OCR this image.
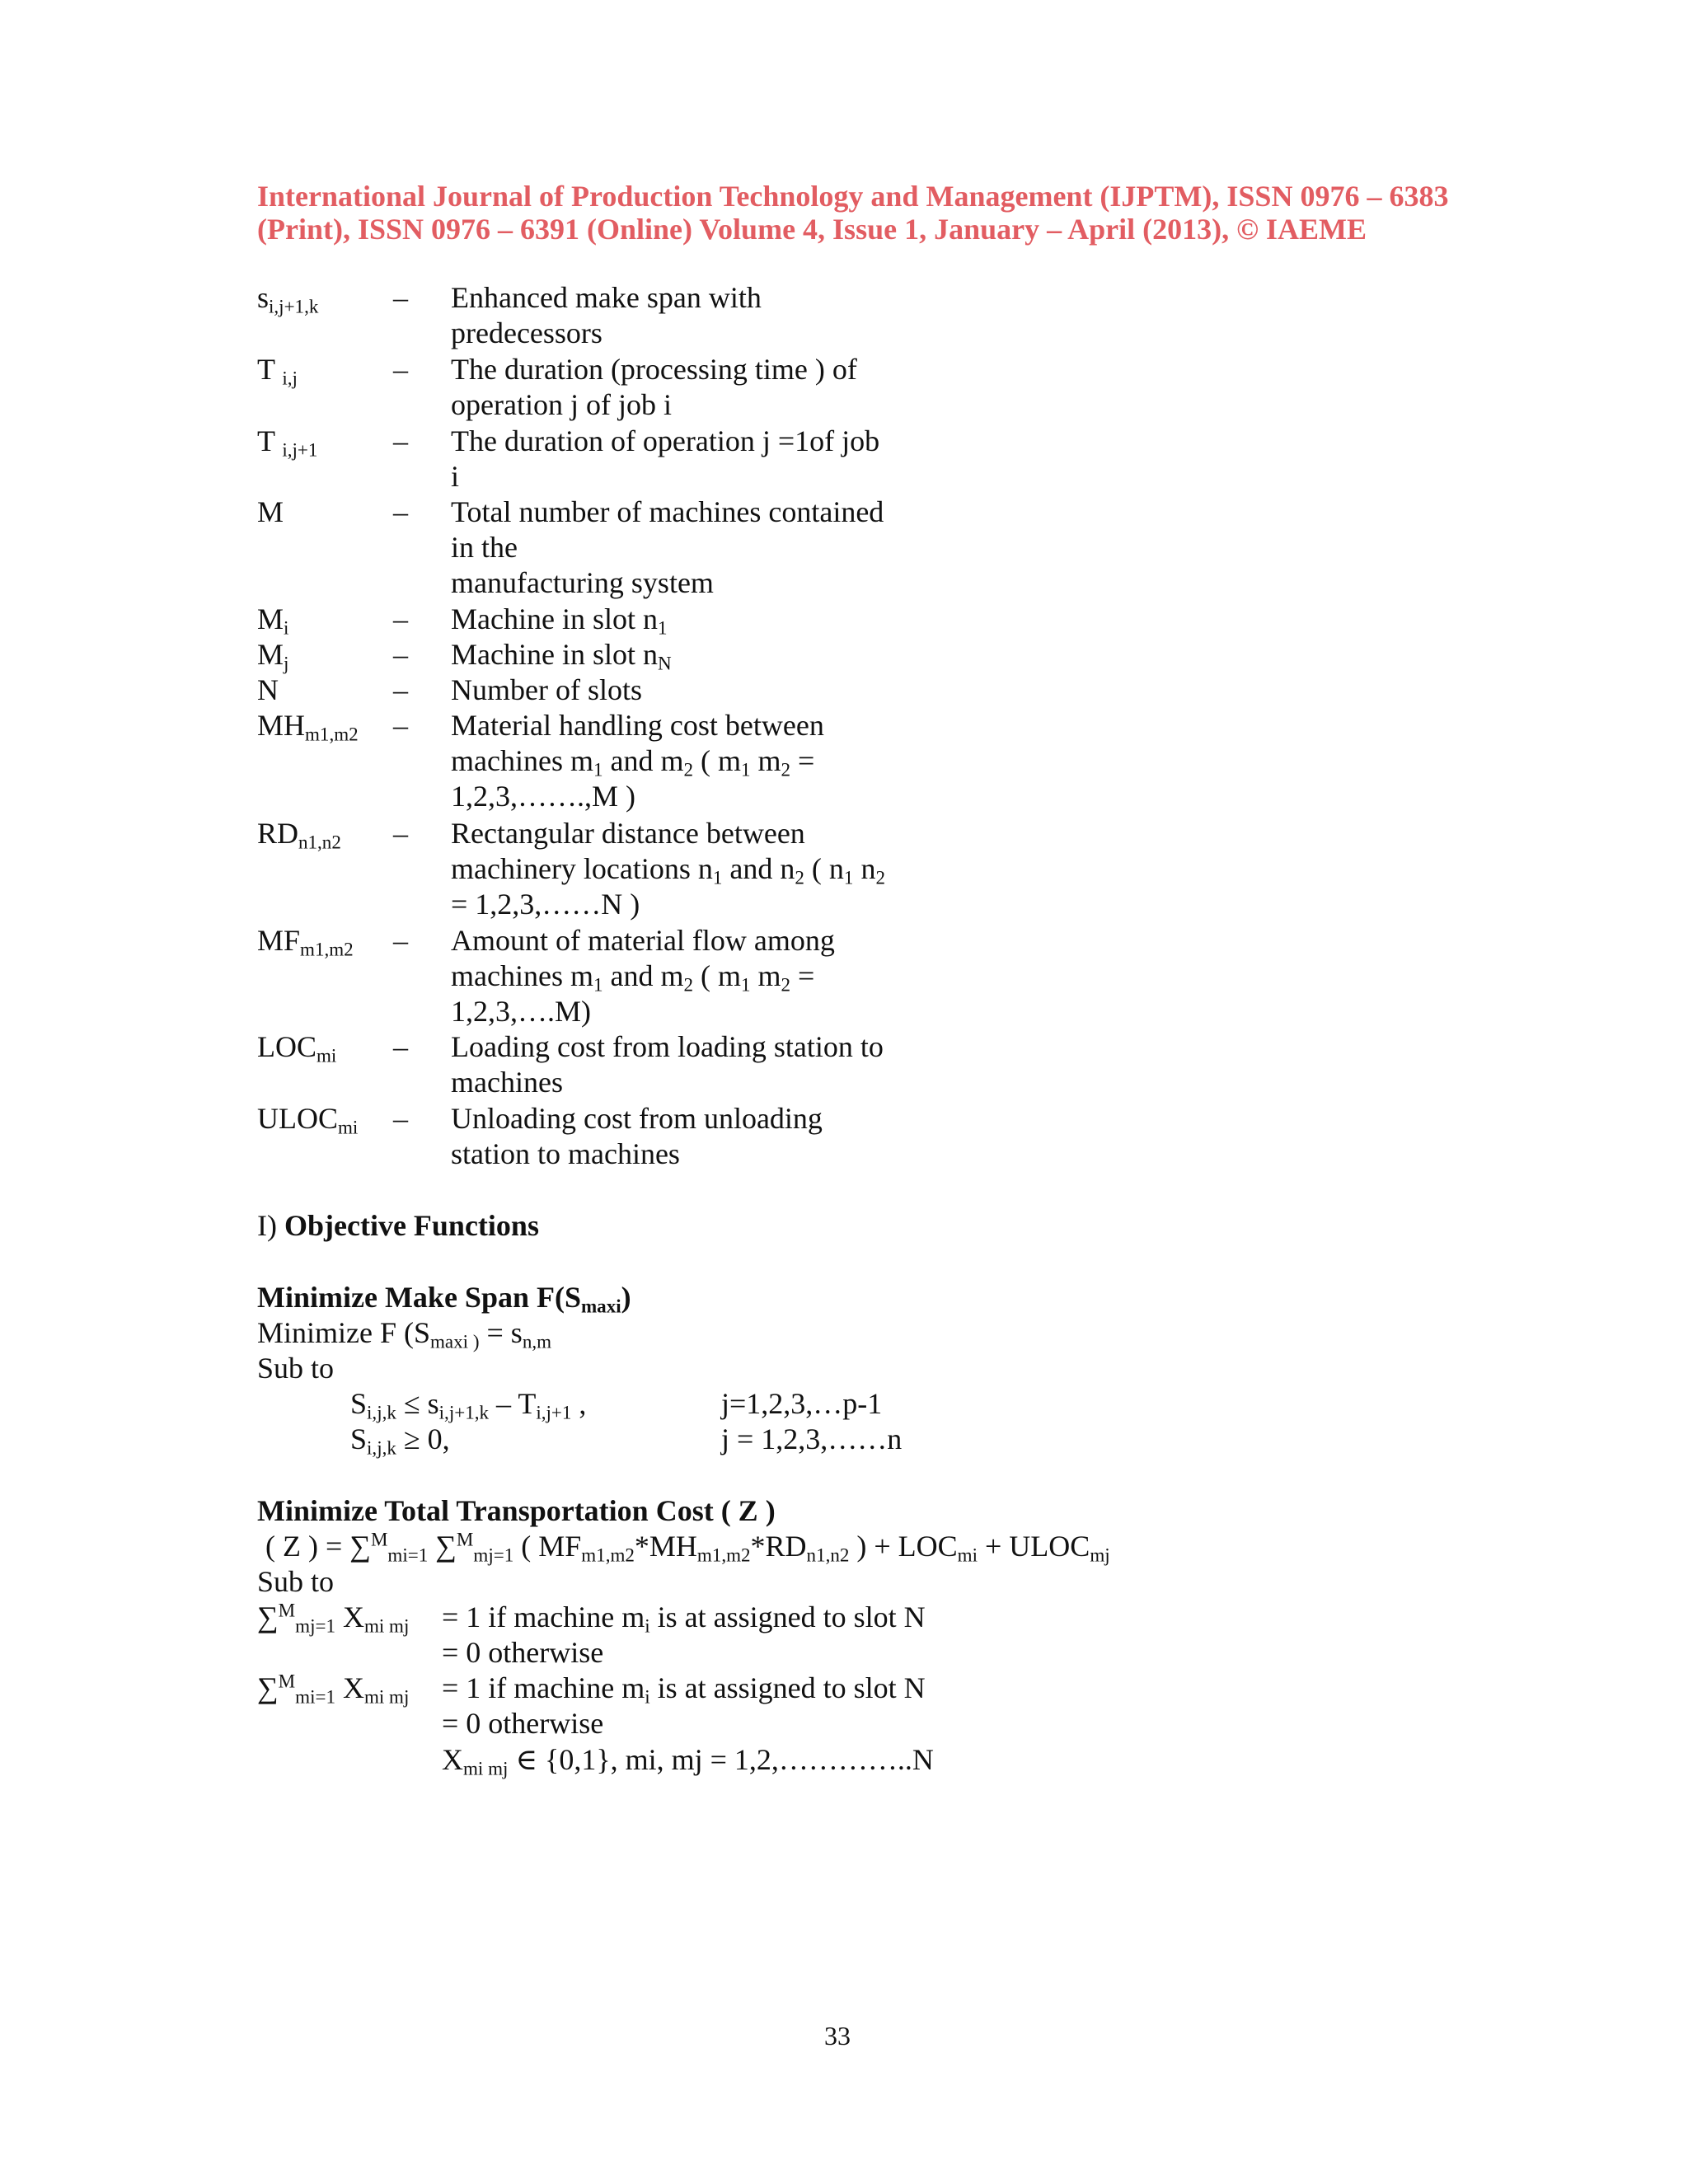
International Journal of Production Technology and Management (IJPTM), ISSN 0976 – 6383
(Print), ISSN 0976 – 6391 (Online) Volume 4, Issue 1, January – April (2013), © IAEME
$s_{i,j+1,k}$	– Enhanced make span with
predecessors
T $_{i,j}$	– The duration (processing time ) of
operation j of job i
T $_{i,j+1}$	– The duration of operation j =1of job
i
M	– Total number of machines contained
in the
manufacturing system
$M_i$	– Machine in slot $n_1$
$M_j$	– Machine in slot $n_N$
N	– Number of slots
$MH_{m1,m2}$ – Material handling cost between
machines $m_1$ and $m_2$ ( $m_1$ $m_2$ =
1,2,3,…….,M )
$RD_{n1,n2}$ – Rectangular distance between
machinery locations $n_1$ and $n_2$ ( $n_1$ $n_2$
= 1,2,3,……N )
$MF_{m1,m2}$ – Amount of material flow among
machines $m_1$ and $m_2$ ( $m_1$ $m_2$ =
1,2,3,….M)
$LOC_{mi}$ – Loading cost from loading station to
machines
$ULOC_{mi}$ – Unloading cost from unloading
station to machines
I) Objective Functions
Minimize Make Span $F(S_{maxi})$
Minimize F ($S_{maxi )} = s_{n,m}$
Sub to
$S_{i,j,k} \le s_{i,j+1,k} - T_{i,j+1}$ ,	j=1,2,3,…p-1
$S_{i,j,k} \ge 0$,	j = 1,2,3,……n
Minimize Total Transportation Cost ( Z )
( Z ) = ∑$^M_{mi=1}$ ∑$^M_{mj=1}$ ( $MF_{m1,m2}*MH_{m1,m2}*RD_{n1,n2}$ ) + $LOC_{mi}$ + $ULOC_{mj}$
Sub to
∑$^M_{mj=1}$ $X_{mi mj} = 1$ if machine $m_i$ is at assigned to slot N
= 0 otherwise
∑$^M_{mi=1}$ $X_{mi mj} = 1$ if machine $m_i$ is at assigned to slot N
= 0 otherwise
$X_{mi mj}$ ∈ {0,1}, mi, mj = 1,2,…………..N
33
